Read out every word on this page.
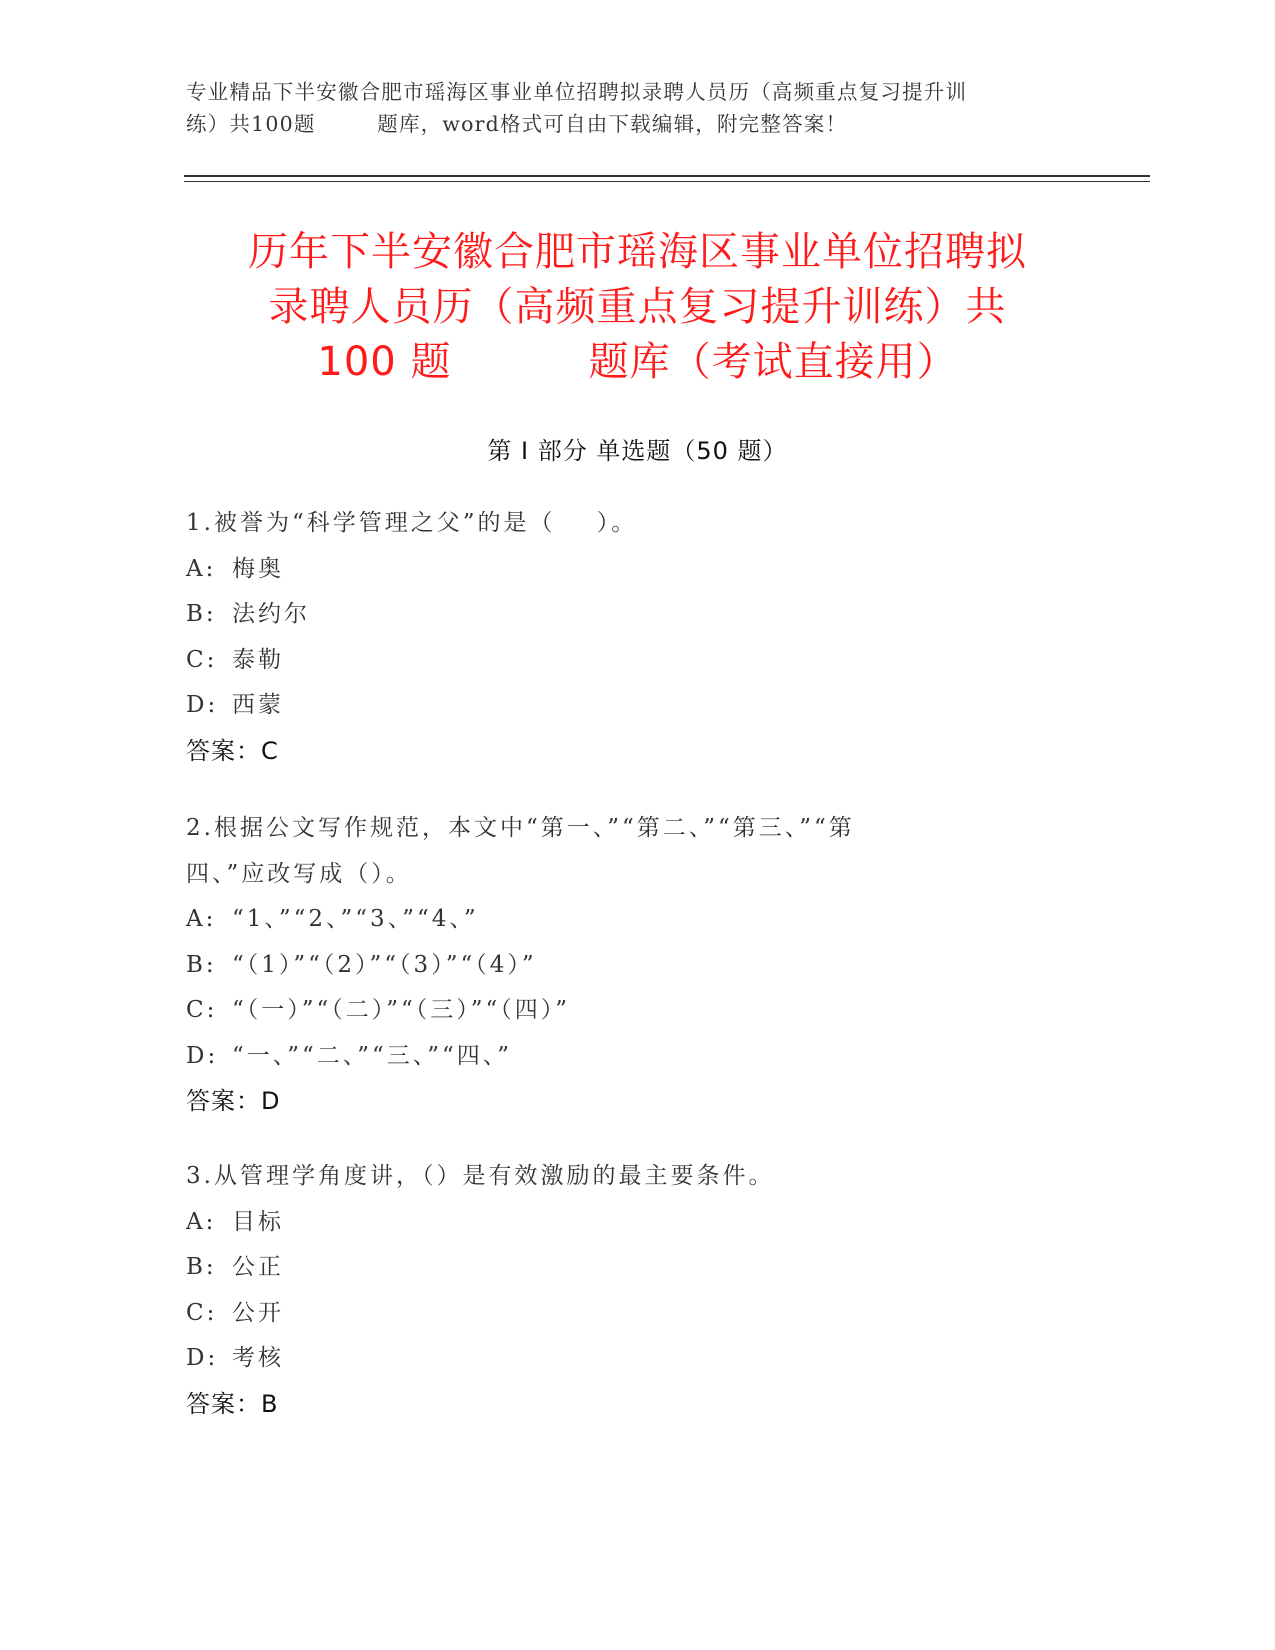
专业精品下半安徽合肥市瑶海区事业单位招聘拟录聘人员历（高频重点复习提升训
练）共100题        题库，word格式可自由下载编辑，附完整答案！
历年下半安徽合肥市瑶海区事业单位招聘拟
录聘人员历（高频重点复习提升训练）共
100 题          题库（考试直接用）
第 I 部分 单选题（50 题）
1.被誉为“科学管理之父”的是（    ）。
A: 梅奥
B: 法约尔
C: 泰勒
D: 西蒙
答案：C
2.根据公文写作规范，本文中“第一、”“第二、”“第三、”“第
四、”应改写成（）。
A: “1、”“2、”“3、”“4、”
B: “（1）”“（2）”“（3）”“（4）”
C: “（一）”“（二）”“（三）”“（四）”
D: “一、”“二、”“三、”“四、”
答案：D
3.从管理学角度讲，（）是有效激励的最主要条件。
A: 目标
B: 公正
C: 公开
D: 考核
答案：B
